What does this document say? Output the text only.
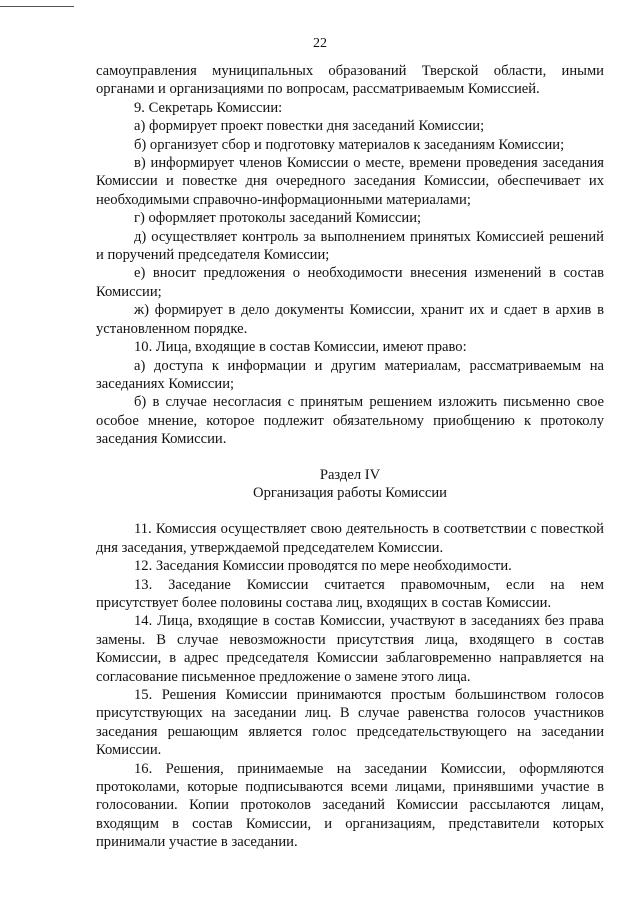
22

самоуправления муниципальных образований Тверской области, иными органами и организациями по вопросам, рассматриваемым Комиссией.

9. Секретарь Комиссии:

а) формирует проект повестки дня заседаний Комиссии;

б) организует сбор и подготовку материалов к заседаниям Комиссии;

в) информирует членов Комиссии о месте, времени проведения заседания Комиссии и повестке дня очередного заседания Комиссии, обеспечивает их необходимыми справочно-информационными материалами;

г) оформляет протоколы заседаний Комиссии;

д) осуществляет контроль за выполнением принятых Комиссией решений и поручений председателя Комиссии;

е) вносит предложения о необходимости внесения изменений в состав Комиссии;

ж) формирует в дело документы Комиссии, хранит их и сдает в архив в установленном порядке.

10. Лица, входящие в состав Комиссии, имеют право:

а) доступа к информации и другим материалам, рассматриваемым на заседаниях Комиссии;

б) в случае несогласия с принятым решением изложить письменно свое особое мнение, которое подлежит обязательному приобщению к протоколу заседания Комиссии.

Раздел IV
Организация работы Комиссии

11. Комиссия осуществляет свою деятельность в соответствии с повесткой дня заседания, утверждаемой председателем Комиссии.

12. Заседания Комиссии проводятся по мере необходимости.

13. Заседание Комиссии считается правомочным, если на нем присутствует более половины состава лиц, входящих в состав Комиссии.

14. Лица, входящие в состав Комиссии, участвуют в заседаниях без права замены. В случае невозможности присутствия лица, входящего в состав Комиссии, в адрес председателя Комиссии заблаговременно направляется на согласование письменное предложение о замене этого лица.

15. Решения Комиссии принимаются простым большинством голосов присутствующих на заседании лиц. В случае равенства голосов участников заседания решающим является голос председательствующего на заседании Комиссии.

16. Решения, принимаемые на заседании Комиссии, оформляются протоколами, которые подписываются всеми лицами, принявшими участие в голосовании. Копии протоколов заседаний Комиссии рассылаются лицам, входящим в состав Комиссии, и организациям, представители которых принимали участие в заседании.
